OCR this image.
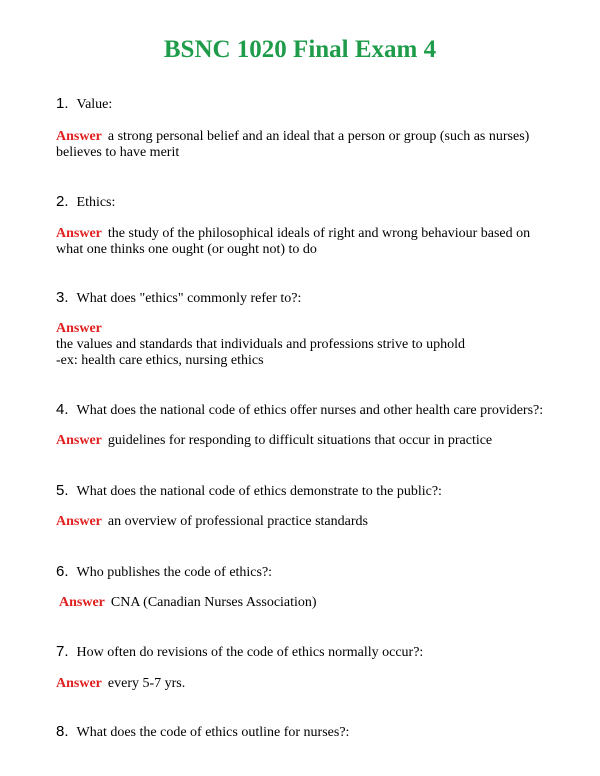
BSNC 1020 Final Exam 4
1. Value:
Answer a strong personal belief and an ideal that a person or group (such as nurses) believes to have merit
2. Ethics:
Answer the study of the philosophical ideals of right and wrong behaviour based on what one thinks one ought (or ought not) to do
3. What does "ethics" commonly refer to?:
Answer
the values and standards that individuals and professions strive to uphold
-ex: health care ethics, nursing ethics
4. What does the national code of ethics offer nurses and other health care providers?:
Answer guidelines for responding to difficult situations that occur in practice
5. What does the national code of ethics demonstrate to the public?:
Answer an overview of professional practice standards
6. Who publishes the code of ethics?:
Answer CNA (Canadian Nurses Association)
7. How often do revisions of the code of ethics normally occur?:
Answer every 5-7 yrs.
8. What does the code of ethics outline for nurses?:
